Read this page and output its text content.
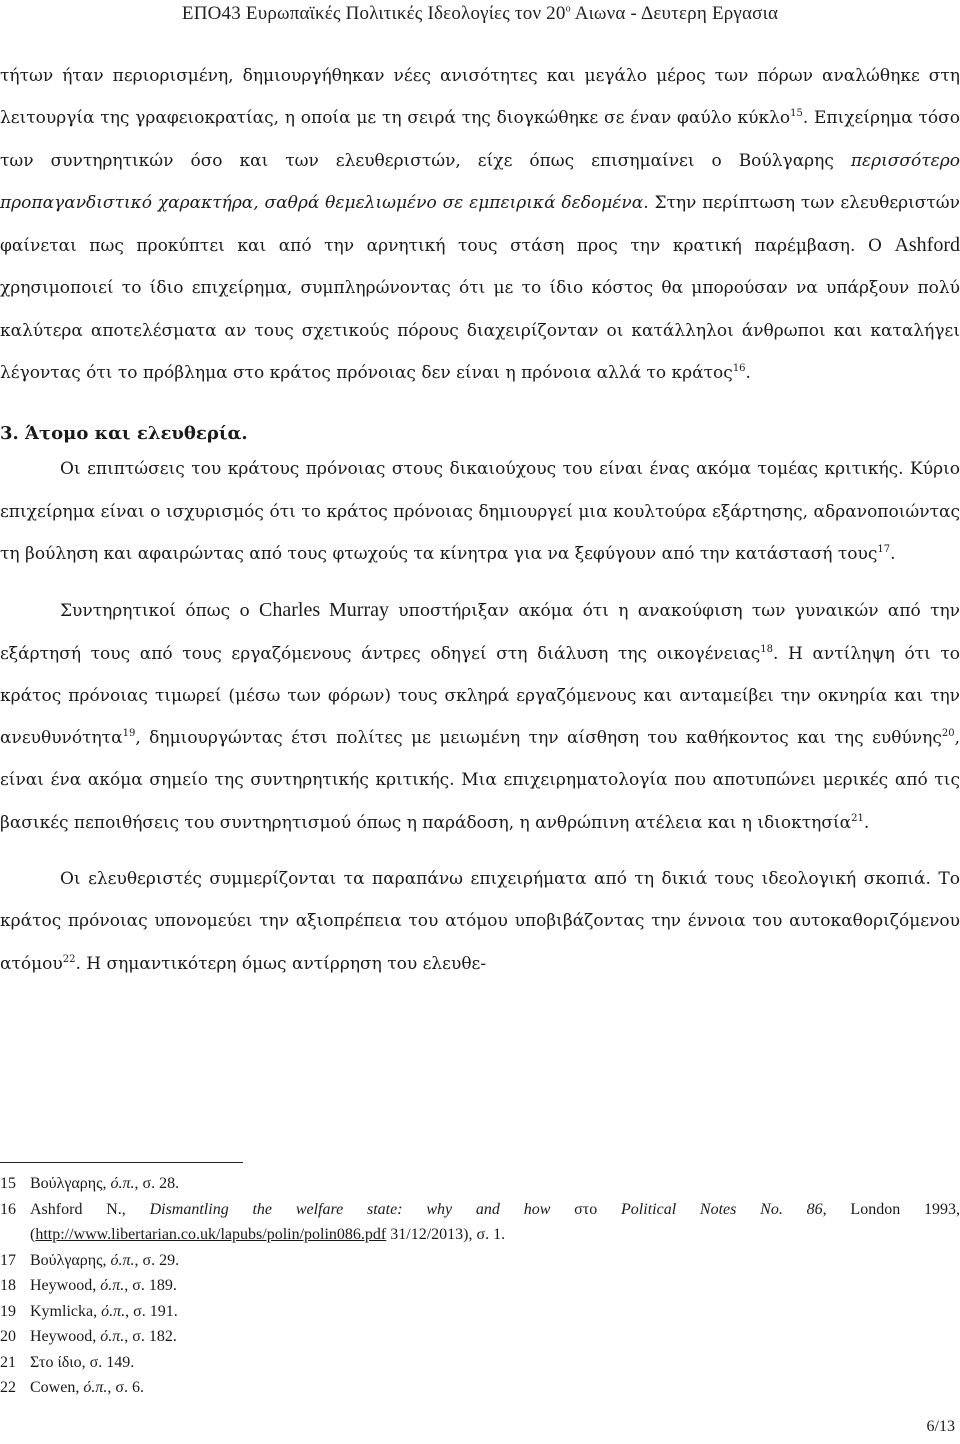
ΕΠΟ43 Ευρωπαϊκές Πολιτικές Ιδεολογίες τον $20^o$ Αιωνα - Δευτερη Εργασια

τήτων ήταν περιορισμένη, δημιουργήθηκαν νέες ανισότητες και μεγάλο μέρος των πόρων αναλώθηκε στη λειτουργία της γραφειοκρατίας, η οποία με τη σειρά της διογκώθηκε σε έναν φαύλο κύκλο$^{15}$. Επιχείρημα τόσο των συντηρητικών όσο και των ελευθεριστών, είχε όπως επισημαίνει ο Βούλγαρης περισσότερο προπαγανδιστικό χαρακτήρα, σαθρά θεμελιωμένο σε εμπειρικά δεδομένα. Στην περίπτωση των ελευθεριστών φαίνεται πως προκύπτει και από την αρνητική τους στάση προς την κρατική παρέμβαση. Ο Ashford χρησιμοποιεί το ίδιο επιχείρημα, συμπληρώνοντας ότι με το ίδιο κόστος θα μπορούσαν να υπάρξουν πολύ καλύτερα αποτελέσματα αν τους σχετικούς πόρους διαχειρίζονταν οι κατάλληλοι άνθρωποι και καταλήγει λέγοντας ότι το πρόβλημα στο κράτος πρόνοιας δεν είναι η πρόνοια αλλά το κράτος$^{16}$.

3. Άτομο και ελευθερία.

Οι επιπτώσεις του κράτους πρόνοιας στους δικαιούχους του είναι ένας ακόμα τομέας κριτικής. Κύριο επιχείρημα είναι ο ισχυρισμός ότι το κράτος πρόνοιας δημιουργεί μια κουλτούρα εξάρτησης, αδρανοποιώντας τη βούληση και αφαιρώντας από τους φτωχούς τα κίνητρα για να ξεφύγουν από την κατάστασή τους$^{17}$.

Συντηρητικοί όπως ο Charles Murray υποστήριξαν ακόμα ότι η ανακούφιση των γυναικών από την εξάρτησή τους από τους εργαζόμενους άντρες οδηγεί στη διάλυση της οικογένειας$^{18}$. Η αντίληψη ότι το κράτος πρόνοιας τιμωρεί (μέσω των φόρων) τους σκληρά εργαζόμενους και ανταμείβει την οκνηρία και την ανευθυνότητα$^{19}$, δημιουργώντας έτσι πολίτες με μειωμένη την αίσθηση του καθήκοντος και της ευθύνης$^{20}$, είναι ένα ακόμα σημείο της συντηρητικής κριτικής. Μια επιχειρηματολογία που αποτυπώνει μερικές από τις βασικές πεποιθήσεις του συντηρητισμού όπως η παράδοση, η ανθρώπινη ατέλεια και η ιδιοκτησία$^{21}$.

Οι ελευθεριστές συμμερίζονται τα παραπάνω επιχειρήματα από τη δικιά τους ιδεολογική σκοπιά. Το κράτος πρόνοιας υπονομεύει την αξιοπρέπεια του ατόμου υποβιβάζοντας την έννοια του αυτοκαθοριζόμενου ατόμου$^{22}$. Η σημαντικότερη όμως αντίρρηση του ελευθε-

15 Βούλγαρης, ό.π., σ. 28.
16 Ashford N., Dismantling the welfare state: why and how στο Political Notes No. 86, London 1993, (http://www.libertarian.co.uk/lapubs/polin/polin086.pdf 31/12/2013), σ. 1.
17 Βούλγαρης, ό.π., σ. 29.
18 Heywood, ό.π., σ. 189.
19 Kymlicka, ό.π., σ. 191.
20 Heywood, ό.π., σ. 182.
21 Στο ίδιο, σ. 149.
22 Cowen, ό.π., σ. 6.
6/13
